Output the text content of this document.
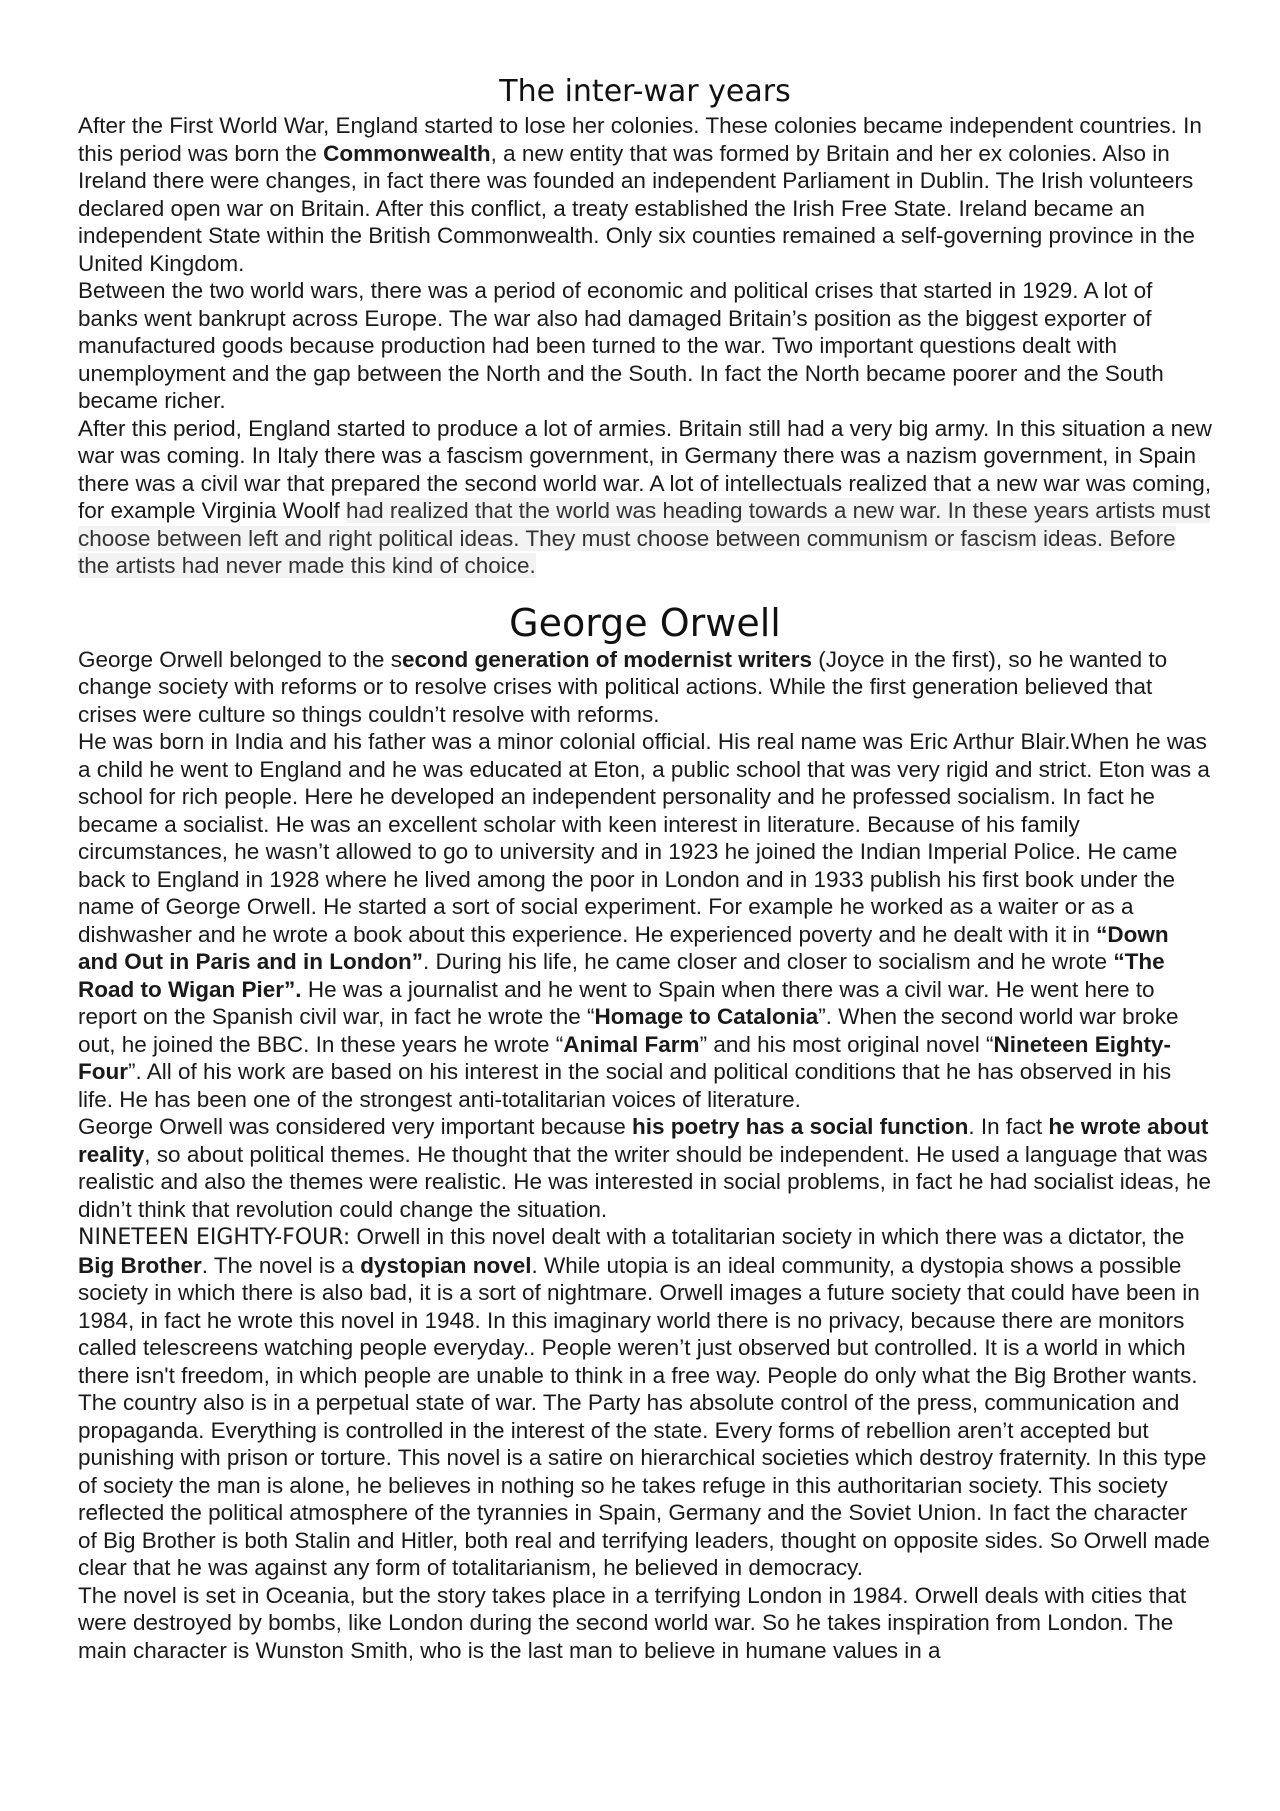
The inter-war years

After the First World War, England started to lose her colonies. These colonies became independent countries. In this period was born the Commonwealth, a new entity that was formed by Britain and her ex colonies. Also in Ireland there were changes, in fact there was founded an independent Parliament in Dublin. The Irish volunteers declared open war on Britain. After this conflict, a treaty established the Irish Free State. Ireland became an independent State within the British Commonwealth. Only six counties remained a self-governing province in the United Kingdom.

Between the two world wars, there was a period of economic and political crises that started in 1929. A lot of banks went bankrupt across Europe. The war also had damaged Britain’s position as the biggest exporter of manufactured goods because production had been turned to the war. Two important questions dealt with unemployment and the gap between the North and the South. In fact the North became poorer and the South became richer.

After this period, England started to produce a lot of armies. Britain still had a very big army. In this situation a new war was coming. In Italy there was a fascism government, in Germany there was a nazism government, in Spain there was a civil war that prepared the second world war. A lot of intellectuals realized that a new war was coming, for example Virginia Woolf had realized that the world was heading towards a new war. In these years artists must choose between left and right political ideas. They must choose between communism or fascism ideas. Before the artists had never made this kind of choice.

George Orwell

George Orwell belonged to the second generation of modernist writers (Joyce in the first), so he wanted to change society with reforms or to resolve crises with political actions. While the first generation believed that crises were culture so things couldn’t resolve with reforms.

He was born in India and his father was a minor colonial official. His real name was Eric Arthur Blair.When he was a child he went to England and he was educated at Eton, a public school that was very rigid and strict. Eton was a school for rich people. Here he developed an independent personality and he professed socialism. In fact he became a socialist. He was an excellent scholar with keen interest in literature. Because of his family circumstances, he wasn’t allowed to go to university and in 1923 he joined the Indian Imperial Police. He came back to England in 1928 where he lived among the poor in London and in 1933 publish his first book under the name of George Orwell. He started a sort of social experiment. For example he worked as a waiter or as a dishwasher and he wrote a book about this experience. He experienced poverty and he dealt with it in “Down and Out in Paris and in London”. During his life, he came closer and closer to socialism and he wrote “The Road to Wigan Pier”. He was a journalist and he went to Spain when there was a civil war. He went here to report on the Spanish civil war, in fact he wrote the “Homage to Catalonia”. When the second world war broke out, he joined the BBC. In these years he wrote “Animal Farm” and his most original novel “Nineteen Eighty-Four”. All of his work are based on his interest in the social and political conditions that he has observed in his life. He has been one of the strongest anti-totalitarian voices of literature.

George Orwell was considered very important because his poetry has a social function. In fact he wrote about reality, so about political themes. He thought that the writer should be independent. He used a language that was realistic and also the themes were realistic. He was interested in social problems, in fact he had socialist ideas, he didn’t think that revolution could change the situation.

NINETEEN EIGHTY-FOUR: Orwell in this novel dealt with a totalitarian society in which there was a dictator, the Big Brother. The novel is a dystopian novel. While utopia is an ideal community, a dystopia shows a possible society in which there is also bad, it is a sort of nightmare. Orwell images a future society that could have been in 1984, in fact he wrote this novel in 1948. In this imaginary world there is no privacy, because there are monitors called telescreens watching people everyday.. People weren’t just observed but controlled. It is a world in which there isn't freedom, in which people are unable to think in a free way. People do only what the Big Brother wants. The country also is in a perpetual state of war. The Party has absolute control of the press, communication and propaganda. Everything is controlled in the interest of the state. Every forms of rebellion aren’t accepted but punishing with prison or torture. This novel is a satire on hierarchical societies which destroy fraternity. In this type of society the man is alone, he believes in nothing so he takes refuge in this authoritarian society. This society reflected the political atmosphere of the tyrannies in Spain, Germany and the Soviet Union. In fact the character of Big Brother is both Stalin and Hitler, both real and terrifying leaders, thought on opposite sides. So Orwell made clear that he was against any form of totalitarianism, he believed in democracy.

The novel is set in Oceania, but the story takes place in a terrifying London in 1984. Orwell deals with cities that were destroyed by bombs, like London during the second world war. So he takes inspiration from London. The main character is Wunston Smith, who is the last man to believe in humane values in a
